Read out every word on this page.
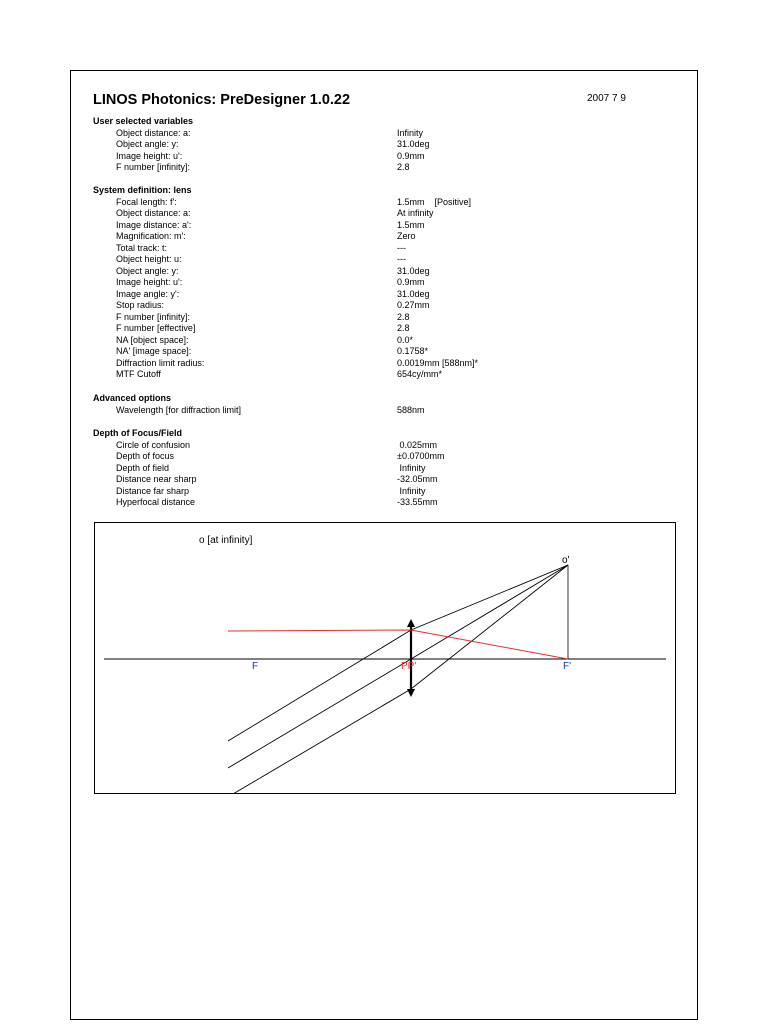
LINOS Photonics: PreDesigner 1.0.22	2007 7 9
User selected variables
Object distance: a:	Infinity
Object angle: y:	31.0deg
Image height: u':	0.9mm
F number [infinity]:	2.8
System definition: lens
Focal length: f':	1.5mm    [Positive]
Object distance: a:	At infinity
Image distance: a':	1.5mm
Magnification: m':	Zero
Total track: t:	---
Object height: u:	---
Object angle: y:	31.0deg
Image height: u':	0.9mm
Image angle: y':	31.0deg
Stop radius:	0.27mm
F number [infinity]:	2.8
F number [effective]	2.8
NA [object space]:	0.0*
NA' [image space]:	0.1758*
Diffraction limit radius:	0.0019mm [588nm]*
MTF Cutoff	654cy/mm*
Advanced options
Wavelength [for diffraction limit]	588nm
Depth of Focus/Field
Circle of confusion	0.025mm
Depth of focus	±0.0700mm
Depth of field	Infinity
Distance near sharp	-32.05mm
Distance far sharp	Infinity
Hyperfocal distance	-33.55mm
o [at infinity]
o'
F	PP'	F'
